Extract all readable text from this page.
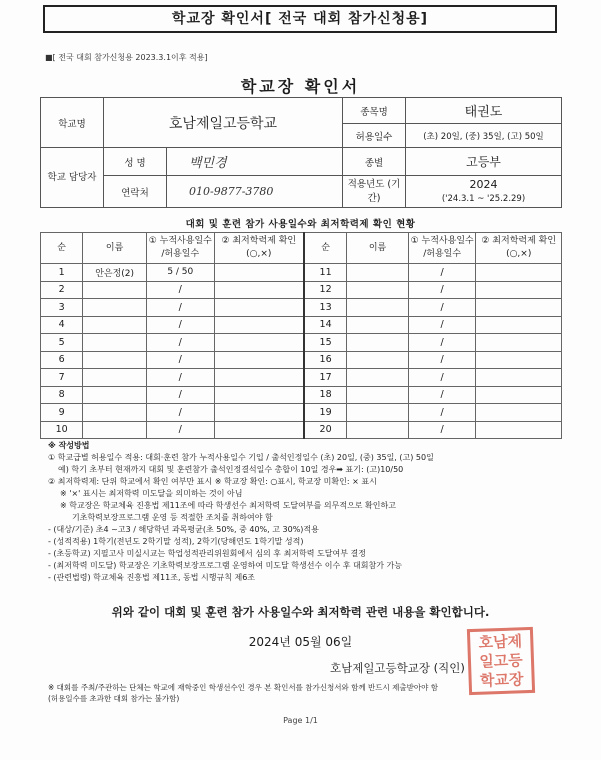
학교장 확인서[ 전국 대회 참가신청용]
■[ 전국 대회 참가신청용 2023.3.1이후 적용]
학교장 확인서
학교명	호남제일고등학교		종목명	태권도
			허용일수	(초) 20일, (중) 35일, (고) 50일
학교 담당자	성 명	백민경	종별	고등부
	연락처	010-9877-3780	적용년도 (기간)	2024
('24.3.1 ~ '25.2.29)
대회 및 훈련 참가 사용일수와 최저학력제 확인 현황
순	이름	① 누적사용일수 /허용일수	② 최저학력제 확인(○,×)	순	이름	① 누적사용일수 /허용일수	② 최저학력제 확인(○,×)
1	안은정(2)	5 / 50		11		/	
2		/		12		/	
3		/		13		/	
4		/		14		/	
5		/		15		/	
6		/		16		/	
7		/		17		/	
8		/		18		/	
9		/		19		/	
10		/		20		/	
※ 작성방법
① 학교급별 허용일수 적용: 대회·훈련 참가 누적사용일수 기입 / 출석인정일수 (초) 20일, (중) 35일, (고) 50일
예) 학기 초부터 현재까지 대회 및 훈련참가 출석인정결석일수 총합이 10일 경우➡ 표기: (고)10/50
② 최저학력제: 단위 학교에서 확인 여부만 표시 ※ 학교장 확인: ○표시, 학교장 미확인: × 표시
※ '×' 표시는 최저학력 미도달을 의미하는 것이 아님
※ 학교장은 학교체육 진흥법 제11조에 따라 학생선수 최저학력 도달여부를 의무적으로 확인하고
기초학력보장프로그램 운영 등 적절한 조치를 취하여야 함
- (대상/기준) 초4 ~고3 / 해당학년 과목평균(초 50%, 중 40%, 고 30%)적용
- (성적적용) 1학기(전년도 2학기말 성적), 2학기(당해연도 1학기말 성적)
- (초등학교) 지필고사 미실시교는 학업성적관리위원회에서 심의 후 최저학력 도달여부 결정
- (최저학력 미도달) 학교장은 기초학력보장프로그램 운영하여 미도달 학생선수 이수 후 대회참가 가능
- (관련법령) 학교체육 진흥법 제11조, 동법 시행규칙 제6조
위와 같이 대회 및 훈련 참가 사용일수와 최저학력 관련 내용을 확인합니다.
2024년 05월 06일
호남제일고등학교장 (직인)
호남제
일고등
학교장
※ 대회를 주최/주관하는 단체는 학교에 재학중인 학생선수인 경우 본 확인서를 참가신청서와 함께 반드시 제출받아야 함
(허용일수를 초과한 대회 참가는 불가함)
Page 1/1
